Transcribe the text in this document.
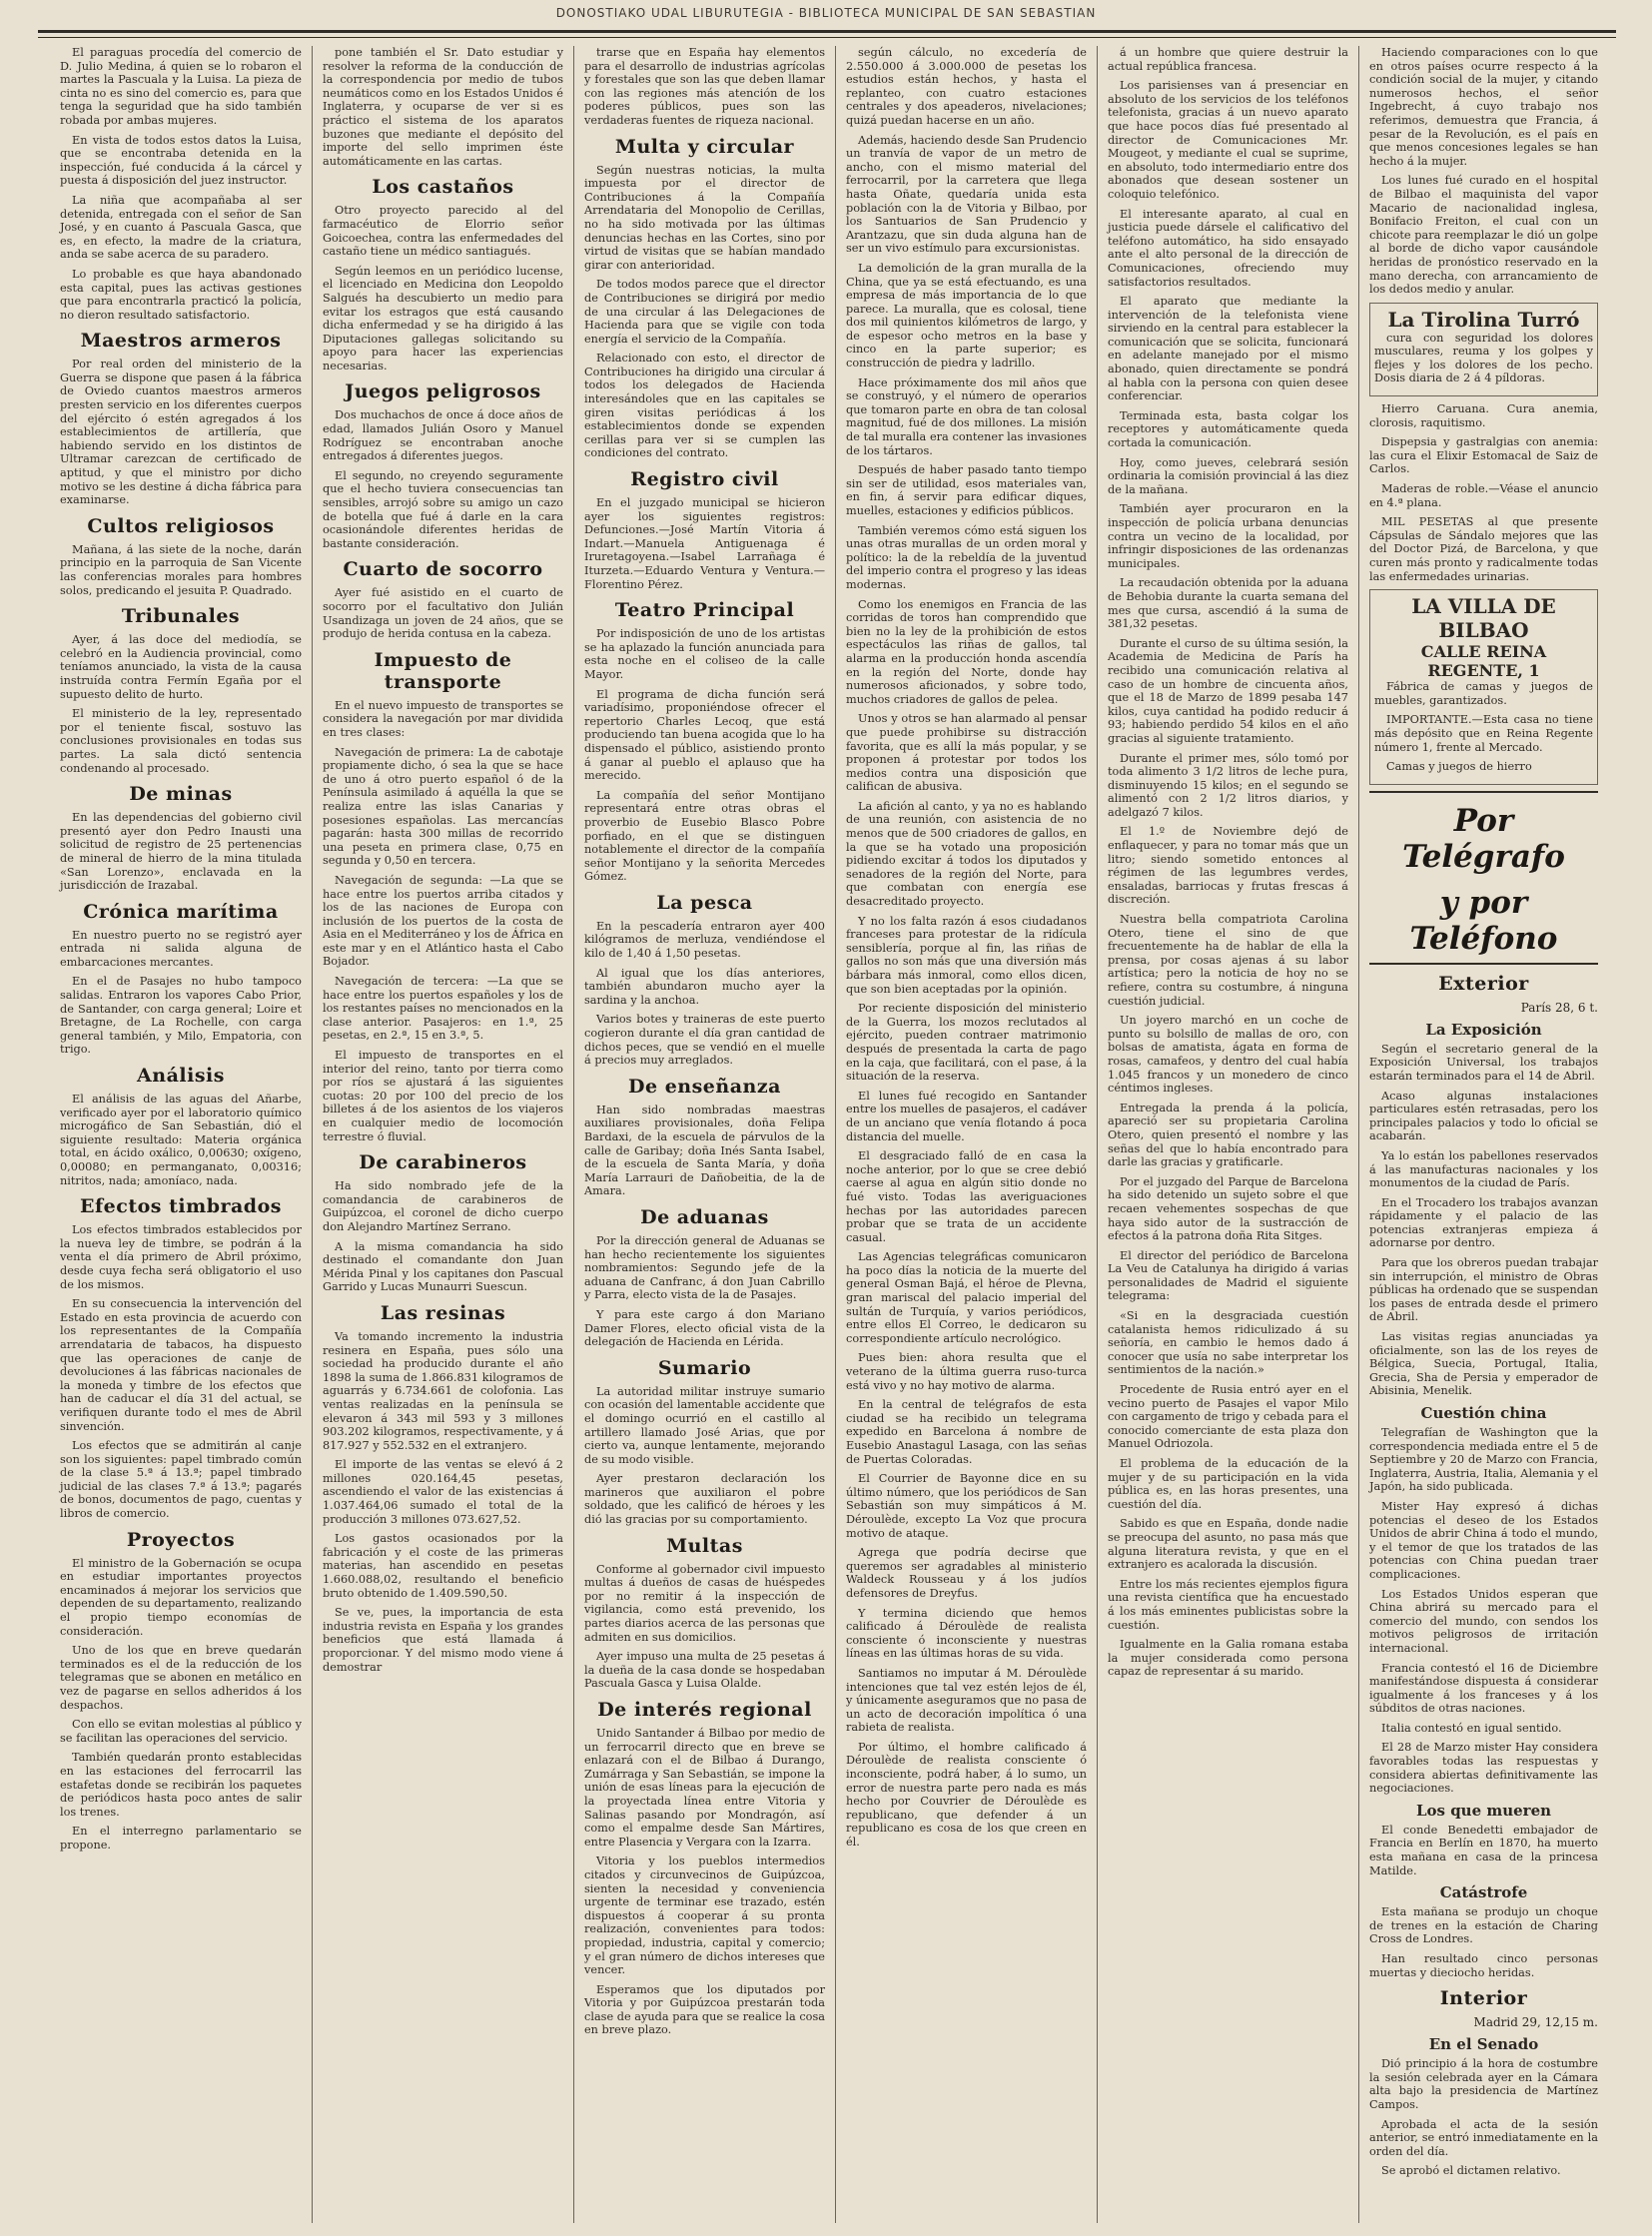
DONOSTIAKO UDAL LIBURUTEGIA - BIBLIOTECA MUNICIPAL DE SAN SEBASTIAN

El paraguas procedía del comercio de D. Julio Medina, á quien se lo robaron el martes la Pascuala y la Luisa. La pieza de cinta no es sino del comercio es, para que tenga la seguridad que ha sido también robada por ambas mujeres.

En vista de todos estos datos la Luisa, que se encontraba detenida en la inspección, fué conducida á la cárcel y puesta á disposición del juez instructor.

La niña que acompañaba al ser detenida, entregada con el señor de San José, y en cuanto á Pascuala Gasca, que es, en efecto, la madre de la criatura, anda se sabe acerca de su paradero.

Lo probable es que haya abandonado esta capital, pues las activas gestiones que para encontrarla practicó la policía, no dieron resultado satisfactorio.

Maestros armeros

Por real orden del ministerio de la Guerra se dispone que pasen á la fábrica de Oviedo cuantos maestros armeros presten servicio en los diferentes cuerpos del ejército ó estén agregados á los establecimientos de artillería, que habiendo servido en los distintos de Ultramar carezcan de certificado de aptitud, y que el ministro por dicho motivo se les destine á dicha fábrica para examinarse.

Cultos religiosos

Mañana, á las siete de la noche, darán principio en la parroquia de San Vicente las conferencias morales para hombres solos, predicando el jesuita P. Quadrado.

Tribunales

Ayer, á las doce del mediodía, se celebró en la Audiencia provincial, como teníamos anunciado, la vista de la causa instruída contra Fermín Egaña por el supuesto delito de hurto.

El ministerio de la ley, representado por el teniente fiscal, sostuvo las conclusiones provisionales en todas sus partes. La sala dictó sentencia condenando al procesado.

De minas

En las dependencias del gobierno civil presentó ayer don Pedro Inausti una solicitud de registro de 25 pertenencias de mineral de hierro de la mina titulada «San Lorenzo», enclavada en la jurisdicción de Irazabal.

Crónica marítima

En nuestro puerto no se registró ayer entrada ni salida alguna de embarcaciones mercantes.

En el de Pasajes no hubo tampoco salidas. Entraron los vapores Cabo Prior, de Santander, con carga general; Loire et Bretagne, de La Rochelle, con carga general también, y Milo, Empatoria, con trigo.

Análisis

El análisis de las aguas del Añarbe, verificado ayer por el laboratorio químico microgáfico de San Sebastián, dió el siguiente resultado: Materia orgánica total, en ácido oxálico, 0,00630; oxígeno, 0,00080; en permanganato, 0,00316; nitritos, nada; amoníaco, nada.

Efectos timbrados

Los efectos timbrados establecidos por la nueva ley de timbre, se podrán á la venta el día primero de Abril próximo, desde cuya fecha será obligatorio el uso de los mismos.

En su consecuencia la intervención del Estado en esta provincia de acuerdo con los representantes de la Compañía arrendataria de tabacos, ha dispuesto que las operaciones de canje de devoluciones á las fábricas nacionales de la moneda y timbre de los efectos que han de caducar el día 31 del actual, se verifiquen durante todo el mes de Abril sinvención.

Los efectos que se admitirán al canje son los siguientes: papel timbrado común de la clase 5.ª á 13.ª; papel timbrado judicial de las clases 7.ª á 13.ª; pagarés de bonos, documentos de pago, cuentas y libros de comercio.

Proyectos

El ministro de la Gobernación se ocupa en estudiar importantes proyectos encaminados á mejorar los servicios que dependen de su departamento, realizando el propio tiempo economías de consideración.

Uno de los que en breve quedarán terminados es el de la reducción de los telegramas que se abonen en metálico en vez de pagarse en sellos adheridos á los despachos.

Con ello se evitan molestias al público y se facilitan las operaciones del servicio.

También quedarán pronto establecidas en las estaciones del ferrocarril las estafetas donde se recibirán los paquetes de periódicos hasta poco antes de salir los trenes.

En el interregno parlamentario se propone.

pone también el Sr. Dato estudiar y resolver la reforma de la conducción de la correspondencia por medio de tubos neumáticos como en los Estados Unidos é Inglaterra, y ocuparse de ver si es práctico el sistema de los aparatos buzones que mediante el depósito del importe del sello imprimen éste automáticamente en las cartas.

Los castaños

Otro proyecto parecido al del farmacéutico de Elorrio señor Goicoechea, contra las enfermedades del castaño tiene un médico santiagués.

Según leemos en un periódico lucense, el licenciado en Medicina don Leopoldo Salgués ha descubierto un medio para evitar los estragos que está causando dicha enfermedad y se ha dirigido á las Diputaciones gallegas solicitando su apoyo para hacer las experiencias necesarias.

Juegos peligrosos

Dos muchachos de once á doce años de edad, llamados Julián Osoro y Manuel Rodríguez se encontraban anoche entregados á diferentes juegos.

El segundo, no creyendo seguramente que el hecho tuviera consecuencias tan sensibles, arrojó sobre su amigo un cazo de botella que fué á darle en la cara ocasionándole diferentes heridas de bastante consideración.

Cuarto de socorro

Ayer fué asistido en el cuarto de socorro por el facultativo don Julián Usandizaga un joven de 24 años, que se produjo de herida contusa en la cabeza.

Impuesto de transporte

En el nuevo impuesto de transportes se considera la navegación por mar dividida en tres clases:

Navegación de primera: La de cabotaje propiamente dicho, ó sea la que se hace de uno á otro puerto español ó de la Península asimilado á aquélla la que se realiza entre las islas Canarias y posesiones españolas. Las mercancías pagarán: hasta 300 millas de recorrido una peseta en primera clase, 0,75 en segunda y 0,50 en tercera.

Navegación de segunda: —La que se hace entre los puertos arriba citados y los de las naciones de Europa con inclusión de los puertos de la costa de Asia en el Mediterráneo y los de África en este mar y en el Atlántico hasta el Cabo Bojador.

Navegación de tercera: —La que se hace entre los puertos españoles y los de los restantes países no mencionados en la clase anterior. Pasajeros: en 1.ª, 25 pesetas, en 2.ª, 15 en 3.ª, 5.

El impuesto de transportes en el interior del reino, tanto por tierra como por ríos se ajustará á las siguientes cuotas: 20 por 100 del precio de los billetes á de los asientos de los viajeros en cualquier medio de locomoción terrestre ó fluvial.

De carabineros

Ha sido nombrado jefe de la comandancia de carabineros de Guipúzcoa, el coronel de dicho cuerpo don Alejandro Martínez Serrano.

A la misma comandancia ha sido destinado el comandante don Juan Mérida Pinal y los capitanes don Pascual Garrido y Lucas Munaurri Suescun.

Las resinas

Va tomando incremento la industria resinera en España, pues sólo una sociedad ha producido durante el año 1898 la suma de 1.866.831 kilogramos de aguarrás y 6.734.661 de colofonia. Las ventas realizadas en la península se elevaron á 343 mil 593 y 3 millones 903.202 kilogramos, respectivamente, y á 817.927 y 552.532 en el extranjero.

El importe de las ventas se elevó á 2 millones 020.164,45 pesetas, ascendiendo el valor de las existencias á 1.037.464,06 sumado el total de la producción 3 millones 073.627,52.

Los gastos ocasionados por la fabricación y el coste de las primeras materias, han ascendido en pesetas 1.660.088,02, resultando el beneficio bruto obtenido de 1.409.590,50.

Se ve, pues, la importancia de esta industria revista en España y los grandes beneficios que está llamada á proporcionar. Y del mismo modo viene á demostrar

trarse que en España hay elementos para el desarrollo de industrias agrícolas y forestales que son las que deben llamar con las regiones más atención de los poderes públicos, pues son las verdaderas fuentes de riqueza nacional.

Multa y circular

Según nuestras noticias, la multa impuesta por el director de Contribuciones á la Compañía Arrendataria del Monopolio de Cerillas, no ha sido motivada por las últimas denuncias hechas en las Cortes, sino por virtud de visitas que se habían mandado girar con anterioridad.

De todos modos parece que el director de Contribuciones se dirigirá por medio de una circular á las Delegaciones de Hacienda para que se vigile con toda energía el servicio de la Compañía.

Relacionado con esto, el director de Contribuciones ha dirigido una circular á todos los delegados de Hacienda interesándoles que en las capitales se giren visitas periódicas á los establecimientos donde se expenden cerillas para ver si se cumplen las condiciones del contrato.

Registro civil

En el juzgado municipal se hicieron ayer los siguientes registros: Defunciones.—José Martín Vitoria á Indart.—Manuela Antiguenaga é Iruretagoyena.—Isabel Larrañaga é Iturzeta.—Eduardo Ventura y Ventura.—Florentino Pérez.

Teatro Principal

Por indisposición de uno de los artistas se ha aplazado la función anunciada para esta noche en el coliseo de la calle Mayor.

El programa de dicha función será variadísimo, proponiéndose ofrecer el repertorio Charles Lecoq, que está produciendo tan buena acogida que lo ha dispensado el público, asistiendo pronto á ganar al pueblo el aplauso que ha merecido.

La compañía del señor Montijano representará entre otras obras el proverbio de Eusebio Blasco Pobre porfiado, en el que se distinguen notablemente el director de la compañía señor Montijano y la señorita Mercedes Gómez.

La pesca

En la pescadería entraron ayer 400 kilógramos de merluza, vendiéndose el kilo de 1,40 á 1,50 pesetas.

Al igual que los días anteriores, también abundaron mucho ayer la sardina y la anchoa.

Varios botes y traineras de este puerto cogieron durante el día gran cantidad de dichos peces, que se vendió en el muelle á precios muy arreglados.

De enseñanza

Han sido nombradas maestras auxiliares provisionales, doña Felipa Bardaxi, de la escuela de párvulos de la calle de Garibay; doña Inés Santa Isabel, de la escuela de Santa María, y doña María Larrauri de Dañobeitia, de la de Amara.

De aduanas

Por la dirección general de Aduanas se han hecho recientemente los siguientes nombramientos: Segundo jefe de la aduana de Canfranc, á don Juan Cabrillo y Parra, electo vista de la de Pasajes.

Y para este cargo á don Mariano Damer Flores, electo oficial vista de la delegación de Hacienda en Lérida.

Sumario

La autoridad militar instruye sumario con ocasión del lamentable accidente que el domingo ocurrió en el castillo al artillero llamado José Arias, que por cierto va, aunque lentamente, mejorando de su modo visible.

Ayer prestaron declaración los marineros que auxiliaron el pobre soldado, que les calificó de héroes y les dió las gracias por su comportamiento.

Multas

Conforme al gobernador civil impuesto multas á dueños de casas de huéspedes por no remitir á la inspección de vigilancia, como está prevenido, los partes diarios acerca de las personas que admiten en sus domicilios.

Ayer impuso una multa de 25 pesetas á la dueña de la casa donde se hospedaban Pascuala Gasca y Luisa Olalde.

De interés regional

Unido Santander á Bilbao por medio de un ferrocarril directo que en breve se enlazará con el de Bilbao á Durango, Zumárraga y San Sebastián, se impone la unión de esas líneas para la ejecución de la proyectada línea entre Vitoria y Salinas pasando por Mondragón, así como el empalme desde San Mártires, entre Plasencia y Vergara con la Izarra.

Vitoria y los pueblos intermedios citados y circunvecinos de Guipúzcoa, sienten la necesidad y conveniencia urgente de terminar ese trazado, estén dispuestos á cooperar á su pronta realización, convenientes para todos: propiedad, industria, capital y comercio; y el gran número de dichos intereses que vencer.

Esperamos que los diputados por Vitoria y por Guipúzcoa prestarán toda clase de ayuda para que se realice la cosa en breve plazo.

según cálculo, no excedería de 2.550.000 á 3.000.000 de pesetas los estudios están hechos, y hasta el replanteo, con cuatro estaciones centrales y dos apeaderos, nivelaciones; quizá puedan hacerse en un año.

Además, haciendo desde San Prudencio un tranvía de vapor de un metro de ancho, con el mismo material del ferrocarril, por la carretera que llega hasta Oñate, quedaría unida esta población con la de Vitoria y Bilbao, por los Santuarios de San Prudencio y Arantzazu, que sin duda alguna han de ser un vivo estímulo para excursionistas.

La demolición de la gran muralla de la China, que ya se está efectuando, es una empresa de más importancia de lo que parece. La muralla, que es colosal, tiene dos mil quinientos kilómetros de largo, y de espesor ocho metros en la base y cinco en la parte superior; es construcción de piedra y ladrillo.

Hace próximamente dos mil años que se construyó, y el número de operarios que tomaron parte en obra de tan colosal magnitud, fué de dos millones. La misión de tal muralla era contener las invasiones de los tártaros.

Después de haber pasado tanto tiempo sin ser de utilidad, esos materiales van, en fin, á servir para edificar diques, muelles, estaciones y edificios públicos.

También veremos cómo está siguen los unas otras murallas de un orden moral y político: la de la rebeldía de la juventud del imperio contra el progreso y las ideas modernas.

Como los enemigos en Francia de las corridas de toros han comprendido que bien no la ley de la prohibición de estos espectáculos las riñas de gallos, tal alarma en la producción honda ascendía en la región del Norte, donde hay numerosos aficionados, y sobre todo, muchos criadores de gallos de pelea.

Unos y otros se han alarmado al pensar que puede prohibirse su distracción favorita, que es allí la más popular, y se proponen á protestar por todos los medios contra una disposición que califican de abusiva.

La afición al canto, y ya no es hablando de una reunión, con asistencia de no menos que de 500 criadores de gallos, en la que se ha votado una proposición pidiendo excitar á todos los diputados y senadores de la región del Norte, para que combatan con energía ese desacreditado proyecto.

Y no los falta razón á esos ciudadanos franceses para protestar de la ridícula sensiblería, porque al fin, las riñas de gallos no son más que una diversión más bárbara más inmoral, como ellos dicen, que son bien aceptadas por la opinión.

Por reciente disposición del ministerio de la Guerra, los mozos reclutados al ejército, pueden contraer matrimonio después de presentada la carta de pago en la caja, que facilitará, con el pase, á la situación de la reserva.

El lunes fué recogido en Santander entre los muelles de pasajeros, el cadáver de un anciano que venía flotando á poca distancia del muelle.

El desgraciado falló de en casa la noche anterior, por lo que se cree debió caerse al agua en algún sitio donde no fué visto. Todas las averiguaciones hechas por las autoridades parecen probar que se trata de un accidente casual.

Las Agencias telegráficas comunicaron ha poco días la noticia de la muerte del general Osman Bajá, el héroe de Plevna, gran mariscal del palacio imperial del sultán de Turquía, y varios periódicos, entre ellos El Correo, le dedicaron su correspondiente artículo necrológico.

Pues bien: ahora resulta que el veterano de la última guerra ruso-turca está vivo y no hay motivo de alarma.

En la central de telégrafos de esta ciudad se ha recibido un telegrama expedido en Barcelona á nombre de Eusebio Anastagul Lasaga, con las señas de Puertas Coloradas.

El Courrier de Bayonne dice en su último número, que los periódicos de San Sebastián son muy simpáticos á M. Déroulède, excepto La Voz que procura motivo de ataque.

Agrega que podría decirse que queremos ser agradables al ministerio Waldeck Rousseau y á los judíos defensores de Dreyfus.

Y termina diciendo que hemos calificado á Déroulède de realista consciente ó inconsciente y nuestras líneas en las últimas horas de su vida.

Santiamos no imputar á M. Déroulède intenciones que tal vez estén lejos de él, y únicamente aseguramos que no pasa de un acto de decoración impolítica ó una rabieta de realista.

Por último, el hombre calificado á Déroulède de realista consciente ó inconsciente, podrá haber, á lo sumo, un error de nuestra parte pero nada es más hecho por Couvrier de Déroulède es republicano, que defender á un republicano es cosa de los que creen en él.

á un hombre que quiere destruir la actual república francesa.

Los parisienses van á presenciar en absoluto de los servicios de los teléfonos telefonista, gracias á un nuevo aparato que hace pocos días fué presentado al director de Comunicaciones Mr. Mougeot, y mediante el cual se suprime, en absoluto, todo intermediario entre dos abonados que desean sostener un coloquio telefónico.

El interesante aparato, al cual en justicia puede dársele el calificativo del teléfono automático, ha sido ensayado ante el alto personal de la dirección de Comunicaciones, ofreciendo muy satisfactorios resultados.

El aparato que mediante la intervención de la telefonista viene sirviendo en la central para establecer la comunicación que se solicita, funcionará en adelante manejado por el mismo abonado, quien directamente se pondrá al habla con la persona con quien desee conferenciar.

Terminada esta, basta colgar los receptores y automáticamente queda cortada la comunicación.

Hoy, como jueves, celebrará sesión ordinaria la comisión provincial á las diez de la mañana.

También ayer procuraron en la inspección de policía urbana denuncias contra un vecino de la localidad, por infringir disposiciones de las ordenanzas municipales.

La recaudación obtenida por la aduana de Behobia durante la cuarta semana del mes que cursa, ascendió á la suma de 381,32 pesetas.

Durante el curso de su última sesión, la Academia de Medicina de París ha recibido una comunicación relativa al caso de un hombre de cincuenta años, que el 18 de Marzo de 1899 pesaba 147 kilos, cuya cantidad ha podido reducir á 93; habiendo perdido 54 kilos en el año gracias al siguiente tratamiento.

Durante el primer mes, sólo tomó por toda alimento 3 1/2 litros de leche pura, disminuyendo 15 kilos; en el segundo se alimentó con 2 1/2 litros diarios, y adelgazó 7 kilos.

El 1.º de Noviembre dejó de enflaquecer, y para no tomar más que un litro; siendo sometido entonces al régimen de las legumbres verdes, ensaladas, barriocas y frutas frescas á discreción.

Nuestra bella compatriota Carolina Otero, tiene el sino de que frecuentemente ha de hablar de ella la prensa, por cosas ajenas á su labor artística; pero la noticia de hoy no se refiere, contra su costumbre, á ninguna cuestión judicial.

Un joyero marchó en un coche de punto su bolsillo de mallas de oro, con bolsas de amatista, ágata en forma de rosas, camafeos, y dentro del cual había 1.045 francos y un monedero de cinco céntimos ingleses.

Entregada la prenda á la policía, apareció ser su propietaria Carolina Otero, quien presentó el nombre y las señas del que lo había encontrado para darle las gracias y gratificarle.

Por el juzgado del Parque de Barcelona ha sido detenido un sujeto sobre el que recaen vehementes sospechas de que haya sido autor de la sustracción de efectos á la patrona doña Rita Sitges.

El director del periódico de Barcelona La Veu de Catalunya ha dirigido á varias personalidades de Madrid el siguiente telegrama:

«Si en la desgraciada cuestión catalanista hemos ridiculizado á su señoría, en cambio le hemos dado á conocer que usía no sabe interpretar los sentimientos de la nación.»

Procedente de Rusia entró ayer en el vecino puerto de Pasajes el vapor Milo con cargamento de trigo y cebada para el conocido comerciante de esta plaza don Manuel Odriozola.

El problema de la educación de la mujer y de su participación en la vida pública es, en las horas presentes, una cuestión del día.

Sabido es que en España, donde nadie se preocupa del asunto, no pasa más que alguna literatura revista, y que en el extranjero es acalorada la discusión.

Entre los más recientes ejemplos figura una revista científica que ha encuestado á los más eminentes publicistas sobre la cuestión.

Igualmente en la Galia romana estaba la mujer considerada como persona capaz de representar á su marido.

Haciendo comparaciones con lo que en otros países ocurre respecto á la condición social de la mujer, y citando numerosos hechos, el señor Ingebrecht, á cuyo trabajo nos referimos, demuestra que Francia, á pesar de la Revolución, es el país en que menos concesiones legales se han hecho á la mujer.

Los lunes fué curado en el hospital de Bilbao el maquinista del vapor Macario de nacionalidad inglesa, Bonifacio Freiton, el cual con un chicote para reemplazar le dió un golpe al borde de dicho vapor causándole heridas de pronóstico reservado en la mano derecha, con arrancamiento de los dedos medio y anular.

La Tirolina Turró

cura con seguridad los dolores musculares, reuma y los golpes y flejes y los dolores de los pecho. Dosis diaria de 2 á 4 píldoras.

Hierro Caruana. Cura anemia, clorosis, raquitismo.

Dispepsia y gastralgias con anemia: las cura el Elixir Estomacal de Saiz de Carlos.

Maderas de roble.—Véase el anuncio en 4.ª plana.

MIL PESETAS al que presente Cápsulas de Sándalo mejores que las del Doctor Pizá, de Barcelona, y que curen más pronto y radicalmente todas las enfermedades urinarias.

LA VILLA DE BILBAO
CALLE REINA REGENTE, 1

Fábrica de camas y juegos de muebles, garantizados.

IMPORTANTE.—Esta casa no tiene más depósito que en Reina Regente número 1, frente al Mercado.

Camas y juegos de hierro

Por Telégrafo
y por Teléfono
Exterior
París 28, 6 t.
La Exposición

Según el secretario general de la Exposición Universal, los trabajos estarán terminados para el 14 de Abril.

Acaso algunas instalaciones particulares estén retrasadas, pero los principales palacios y todo lo oficial se acabarán.

Ya lo están los pabellones reservados á las manufacturas nacionales y los monumentos de la ciudad de París.

En el Trocadero los trabajos avanzan rápidamente y el palacio de las potencias extranjeras empieza á adornarse por dentro.

Para que los obreros puedan trabajar sin interrupción, el ministro de Obras públicas ha ordenado que se suspendan los pases de entrada desde el primero de Abril.

Las visitas regias anunciadas ya oficialmente, son las de los reyes de Bélgica, Suecia, Portugal, Italia, Grecia, Sha de Persia y emperador de Abisinia, Menelik.

Cuestión china

Telegrafían de Washington que la correspondencia mediada entre el 5 de Septiembre y 20 de Marzo con Francia, Inglaterra, Austria, Italia, Alemania y el Japón, ha sido publicada.

Mister Hay expresó á dichas potencias el deseo de los Estados Unidos de abrir China á todo el mundo, y el temor de que los tratados de las potencias con China puedan traer complicaciones.

Los Estados Unidos esperan que China abrirá su mercado para el comercio del mundo, con sendos los motivos peligrosos de irritación internacional.

Francia contestó el 16 de Diciembre manifestándose dispuesta á considerar igualmente á los franceses y á los súbditos de otras naciones.

Italia contestó en igual sentido.

El 28 de Marzo mister Hay considera favorables todas las respuestas y considera abiertas definitivamente las negociaciones.

Los que mueren

El conde Benedetti embajador de Francia en Berlín en 1870, ha muerto esta mañana en casa de la princesa Matilde.

Catástrofe

Esta mañana se produjo un choque de trenes en la estación de Charing Cross de Londres.

Han resultado cinco personas muertas y dieciocho heridas.

Interior
Madrid 29, 12,15 m.
En el Senado

Dió principio á la hora de costumbre la sesión celebrada ayer en la Cámara alta bajo la presidencia de Martínez Campos.

Aprobada el acta de la sesión anterior, se entró inmediatamente en la orden del día.

Se aprobó el dictamen relativo.
